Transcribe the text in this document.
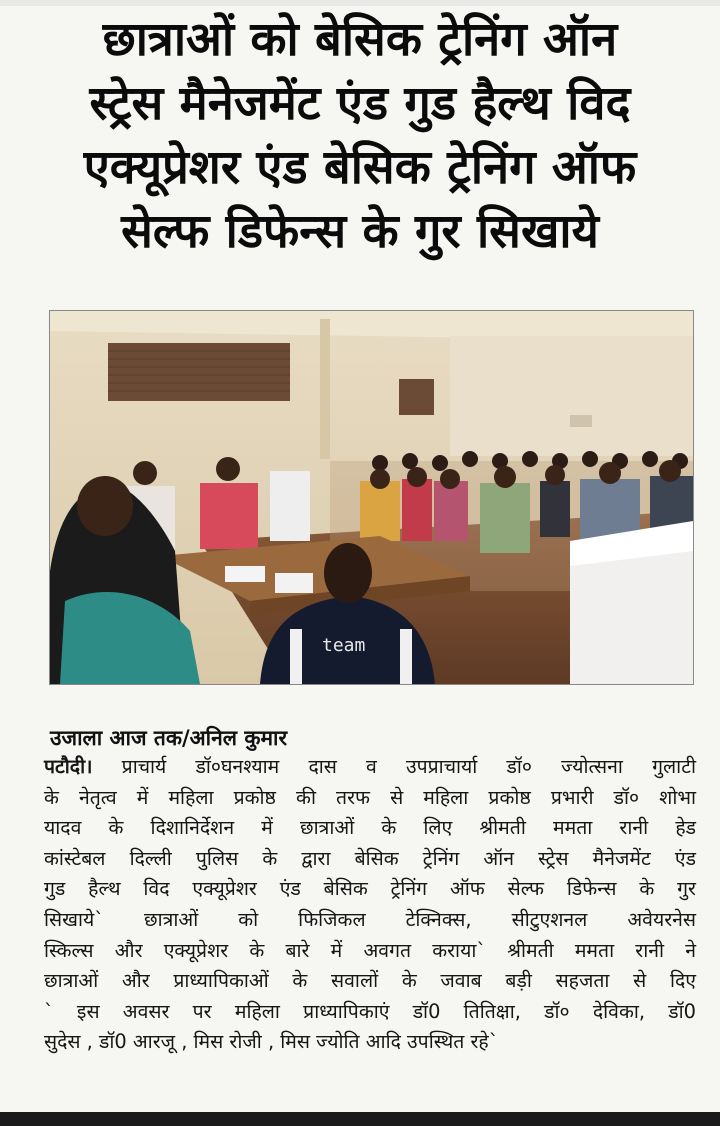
छात्राओं को बेसिक ट्रेनिंग ऑन
स्ट्रेस मैनेजमेंट एंड गुड हैल्थ विद
एक्यूप्रेशर एंड बेसिक ट्रेनिंग ऑफ
सेल्फ डिफेन्स के गुर सिखाये
team
उजाला आज तक/अनिल कुमार
पटौदी। प्राचार्य डॉ०घनश्याम दास व उपप्राचार्या डॉ० ज्योत्सना गुलाटी
के नेतृत्व में महिला प्रकोष्ठ की तरफ से महिला प्रकोष्ठ प्रभारी डॉ० शोभा
यादव के दिशानिर्देशन में छात्राओं के लिए श्रीमती ममता रानी हेड
कांस्टेबल दिल्ली पुलिस के द्वारा बेसिक ट्रेनिंग ऑन स्ट्रेस मैनेजमेंट एंड
गुड हैल्थ विद एक्यूप्रेशर एंड बेसिक ट्रेनिंग ऑफ सेल्फ डिफेन्स के गुर
सिखाये` छात्राओं को फिजिकल टेक्निक्स, सीटुएशनल अवेयरनेस
स्किल्स और एक्यूप्रेशर के बारे में अवगत कराया` श्रीमती ममता रानी ने
छात्राओं और प्राध्यापिकाओं के सवालों के जवाब बड़ी सहजता से दिए
` इस अवसर पर महिला प्राध्यापिकाएं डॉ0 तितिक्षा, डॉ० देविका, डॉ0
सुदेस , डॉ0 आरजू , मिस रोजी , मिस ज्योति आदि उपस्थित रहे`
